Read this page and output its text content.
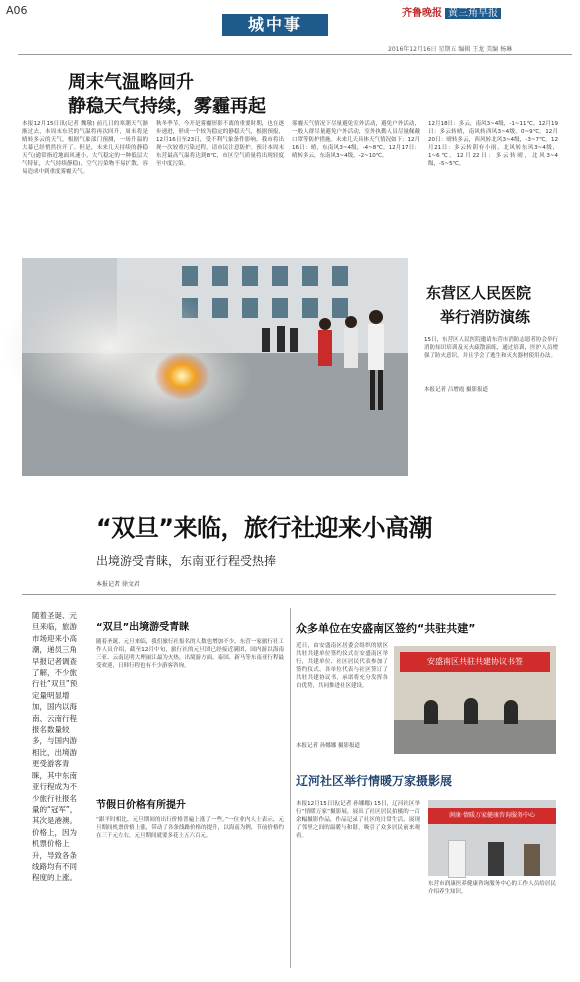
A06
城中事
齐鲁晚报 黄三角早报
2016年12月16日 星期五 编辑 王龙 美编 杨琳
周末气温略回升
静稳天气持续，雾霾再起
本报12月15日讯(记者 魏敬) 前几日的寒潮天气渐渐过去，本周末东营的气温将再次回升，周末将是晴转多云的天气，根据气象部门预测，一场升温的大幕已经悄然拉开了。但是，未来几天持续的静稳天气(通常指近地面风速小，大气稳定的一种低层大气特征，大气持续静稳)，空气污染物不易扩散，容易造成中到重度雾霾天气。
秋冬季节，今开是雾霾形影不离的重要时期，也在逐步递进，形成一个较为稳定的静稳天气，根据预报，12月16日至23日，受不利气象条件影响，我市将出现一次较重污染过程，请市民注意防护。预计本周末东营最高气温将达到8℃，市区空气质量将出现轻度至中度污染。
雾霾天气情况下尽量避免室外活动，避免户外活动，一般人群尽量避免户外活动，室外执勤人员尽量佩戴口罩等防护措施。未来几天具体天气情况如下：12月16日：晴，东南风3~4级，-4~8℃。12月17日：晴转多云，东南风3~4级，-2~10℃。
12月18日：多云，南风3~4级，-1~11℃。12月19日：多云转晴，南风转西风3~4级，0~9℃。12月20日：晴转多云，西风转北风3~4级，-3~7℃。12月21日：多云转阴有小雨，北风转东风3~4级，1~6℃。12月22日：多云转晴，北风3~4级，-5~5℃。
东营区人民医院
举行消防演练
15日，东营区人民医院邀请东营市消防志愿者协会举行消防知识培训及灭火疏散演练，通过培训，医护人员增强了防火意识，并且学会了逃生和灭火器材使用办法。
本报记者 吕增霞 摄影报道
“双旦”来临，旅行社迎来小高潮
出境游受青睐，东南亚行程受热捧
本报记者 徐文君
随着圣诞、元旦来临，旅游市场迎来小高潮，递员三角早报记者调查了解，不少旅行社“双旦”预定量明显增加，国内以海南、云南行程报名数量较多，与国内游相比，出境游更受游客青睐，其中东南亚行程成为不少旅行社报名量的“冠军”，其次是港澳。价格上，因为机票价格上升，导致各条线路均有不同程度的上涨。
“双旦”出境游受青睐
随着圣诞、元旦来临，我们旅行社报名的人数也增加不少。东营一家旅行社工作人员介绍，截至12月中旬，旅行社的元旦团已经接近满团，国内游以海南三亚、云南昆明大理丽江最为火热，出境游方面，泰国、新马等东南亚行程最受欢迎，日韩行程也有不少游客咨询。
节假日价格有所提升
“跟平时相比，元旦期间的出行价格普遍上涨了一些。”一位业内人士表示，元旦期间机票价格上涨，带动了各条线路价格的提升，以海南为例，节前价格约在三千元左右，元旦期间就要多花上五六百元。
众多单位在安盛南区签约“共驻共建”
近日，由安盛南区居委会组织的辖区共驻共建单位签约仪式在安盛南区举行，共建单位、社区居民代表参加了签约仪式，各单位代表与社区签订了共驻共建协议书，承诺将充分发挥各自优势，共同推进社区建设。
本报记者 孙娜娜 摄影报道
安盛南区共驻共建协议书签
辽河社区举行情暖万家摄影展
本报12月15日讯(记者 孙娜娜) 15日，辽河社区举行“情暖万家”摄影展，展出了社区居民拍摄的一百余幅摄影作品，作品记录了社区的日常生活，展现了邻里之间的温暖与和谐，吸引了众多居民前来观看。
润康·情暖万家健康咨询服务中心
东营市润康医养健康咨询服务中心的工作人员给居民介绍养生知识。
